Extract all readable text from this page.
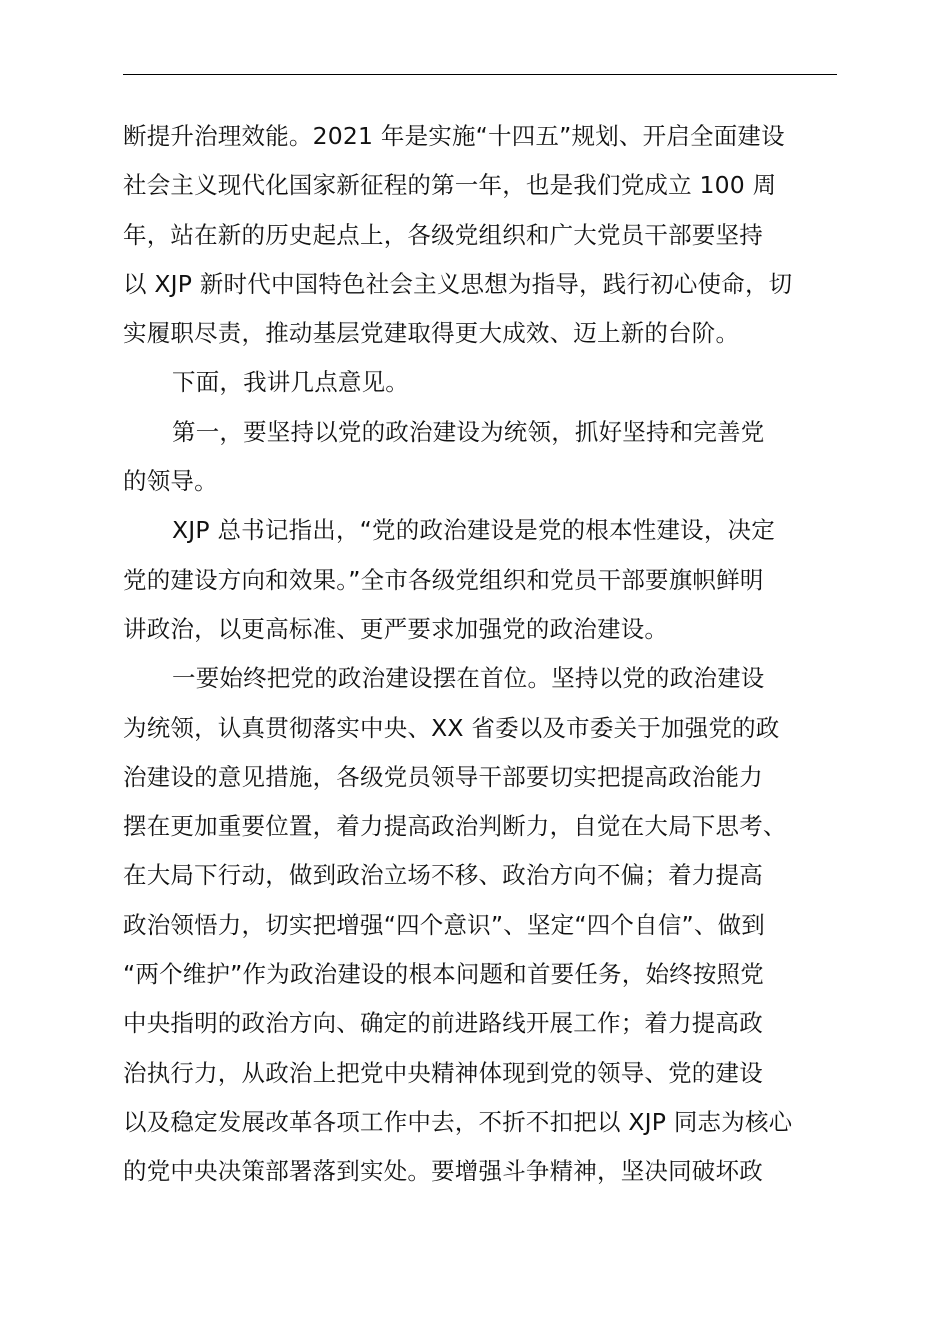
断提升治理效能。2021 年是实施“十四五”规划、开启全面建设
社会主义现代化国家新征程的第一年，也是我们党成立 100 周
年，站在新的历史起点上，各级党组织和广大党员干部要坚持
以 XJP 新时代中国特色社会主义思想为指导，践行初心使命，切
实履职尽责，推动基层党建取得更大成效、迈上新的台阶。
下面，我讲几点意见。
第一，要坚持以党的政治建设为统领，抓好坚持和完善党
的领导。
XJP 总书记指出，“党的政治建设是党的根本性建设，决定
党的建设方向和效果。”全市各级党组织和党员干部要旗帜鲜明
讲政治，以更高标准、更严要求加强党的政治建设。
一要始终把党的政治建设摆在首位。坚持以党的政治建设
为统领，认真贯彻落实中央、XX 省委以及市委关于加强党的政
治建设的意见措施，各级党员领导干部要切实把提高政治能力
摆在更加重要位置，着力提高政治判断力，自觉在大局下思考、
在大局下行动，做到政治立场不移、政治方向不偏；着力提高
政治领悟力，切实把增强“四个意识”、坚定“四个自信”、做到
“两个维护”作为政治建设的根本问题和首要任务，始终按照党
中央指明的政治方向、确定的前进路线开展工作；着力提高政
治执行力，从政治上把党中央精神体现到党的领导、党的建设
以及稳定发展改革各项工作中去，不折不扣把以 XJP 同志为核心
的党中央决策部署落到实处。要增强斗争精神，坚决同破坏政
